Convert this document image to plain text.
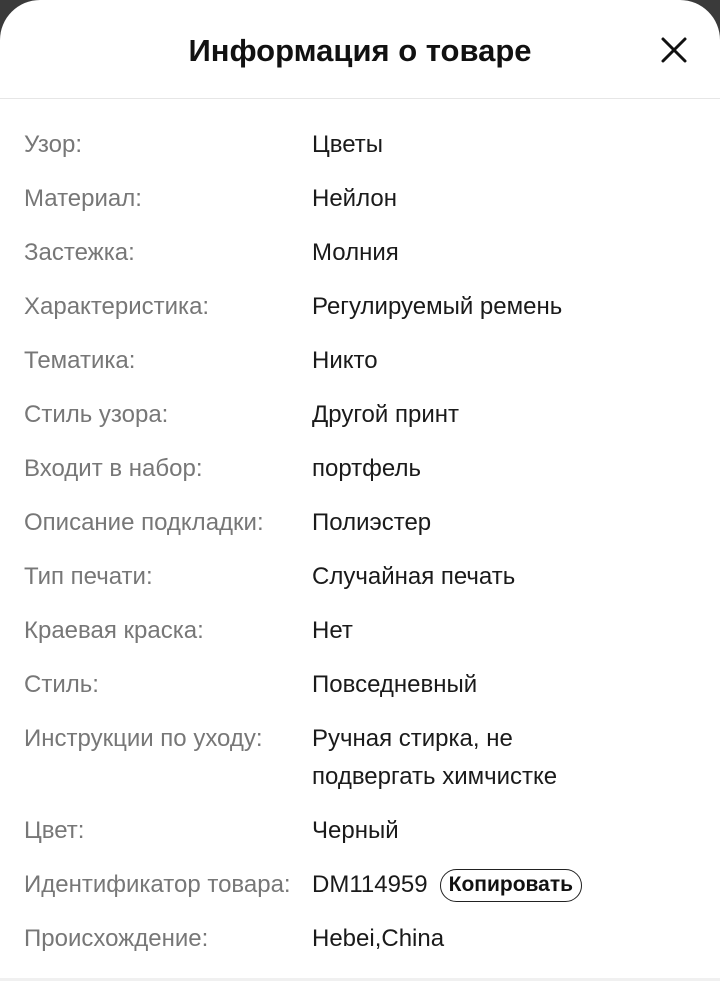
Информация о товаре
Узор:	Цветы
Материал:	Нейлон
Застежка:	Молния
Характеристика:	Регулируемый ремень
Тематика:	Никто
Стиль узора:	Другой принт
Входит в набор:	портфель
Описание подкладки:	Полиэстер
Тип печати:	Случайная печать
Краевая краска:	Нет
Стиль:	Повседневный
Инструкции по уходу:	Ручная стирка, не
подвергать химчистке
Цвет:	Черный
Идентификатор товара: DM114959	Копировать
Происхождение:	Hebei,China
